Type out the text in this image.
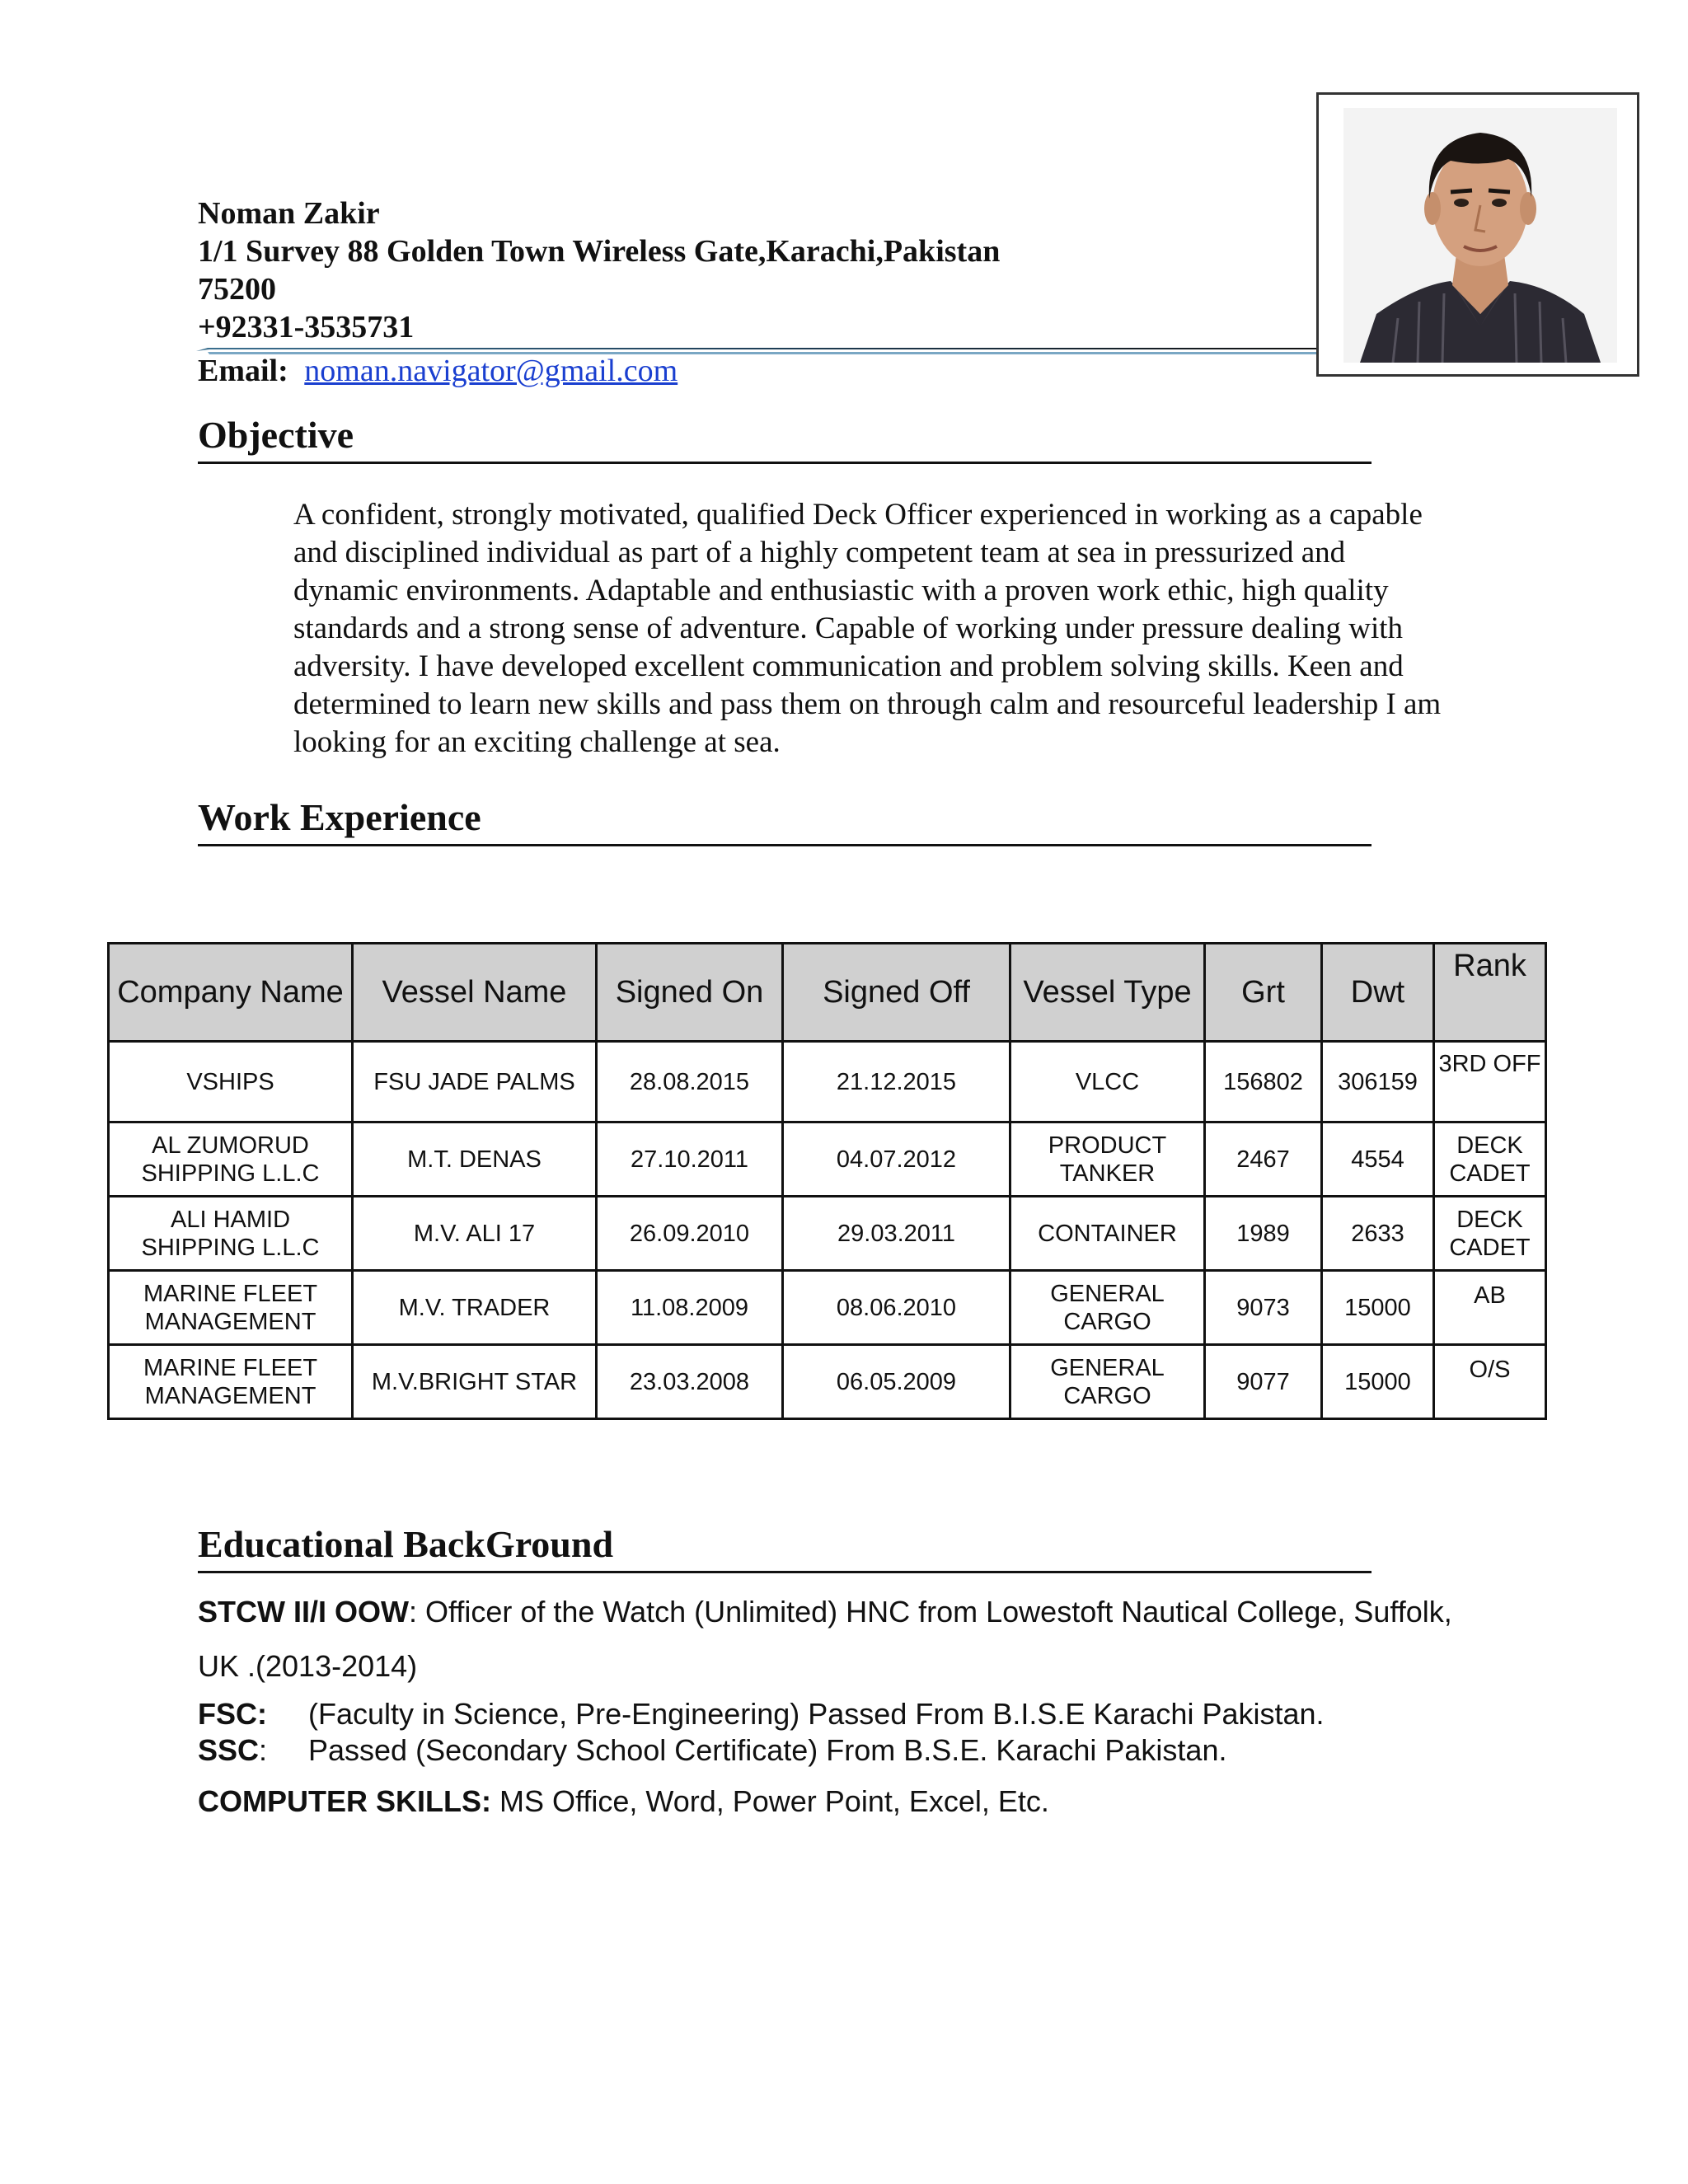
Noman Zakir
1/1 Survey 88 Golden Town Wireless Gate,Karachi,Pakistan
75200
+92331-3535731
Email: noman.navigator@gmail.com
Objective
A confident, strongly motivated, qualified Deck Officer experienced in working as a capable and disciplined individual as part of a highly competent team at sea in pressurized and dynamic environments. Adaptable and enthusiastic with a proven work ethic, high quality standards and a strong sense of adventure. Capable of working under pressure dealing with adversity. I have developed excellent communication and problem solving skills. Keen and determined to learn new skills and pass them on through calm and resourceful leadership I am looking for an exciting challenge at sea.
Work Experience
Company Name	Vessel Name	Signed On	Signed Off	Vessel Type	Grt	Dwt	Rank
VSHIPS	FSU JADE PALMS	28.08.2015	21.12.2015	VLCC	156802	306159	3RD OFF
AL ZUMORUD SHIPPING L.L.C	M.T. DENAS	27.10.2011	04.07.2012	PRODUCT TANKER	2467	4554	DECK CADET
ALI HAMID SHIPPING L.L.C	M.V. ALI 17	26.09.2010	29.03.2011	CONTAINER	1989	2633	DECK CADET
MARINE FLEET MANAGEMENT	M.V. TRADER	11.08.2009	08.06.2010	GENERAL CARGO	9073	15000	AB
MARINE FLEET MANAGEMENT	M.V.BRIGHT STAR	23.03.2008	06.05.2009	GENERAL CARGO	9077	15000	O/S
Educational BackGround
STCW II/I OOW: Officer of the Watch (Unlimited) HNC from Lowestoft Nautical College, Suffolk,
UK .(2013-2014)
FSC: (Faculty in Science, Pre-Engineering) Passed From B.I.S.E Karachi Pakistan.
SSC: Passed (Secondary School Certificate) From B.S.E. Karachi Pakistan.
COMPUTER SKILLS: MS Office, Word, Power Point, Excel, Etc.
